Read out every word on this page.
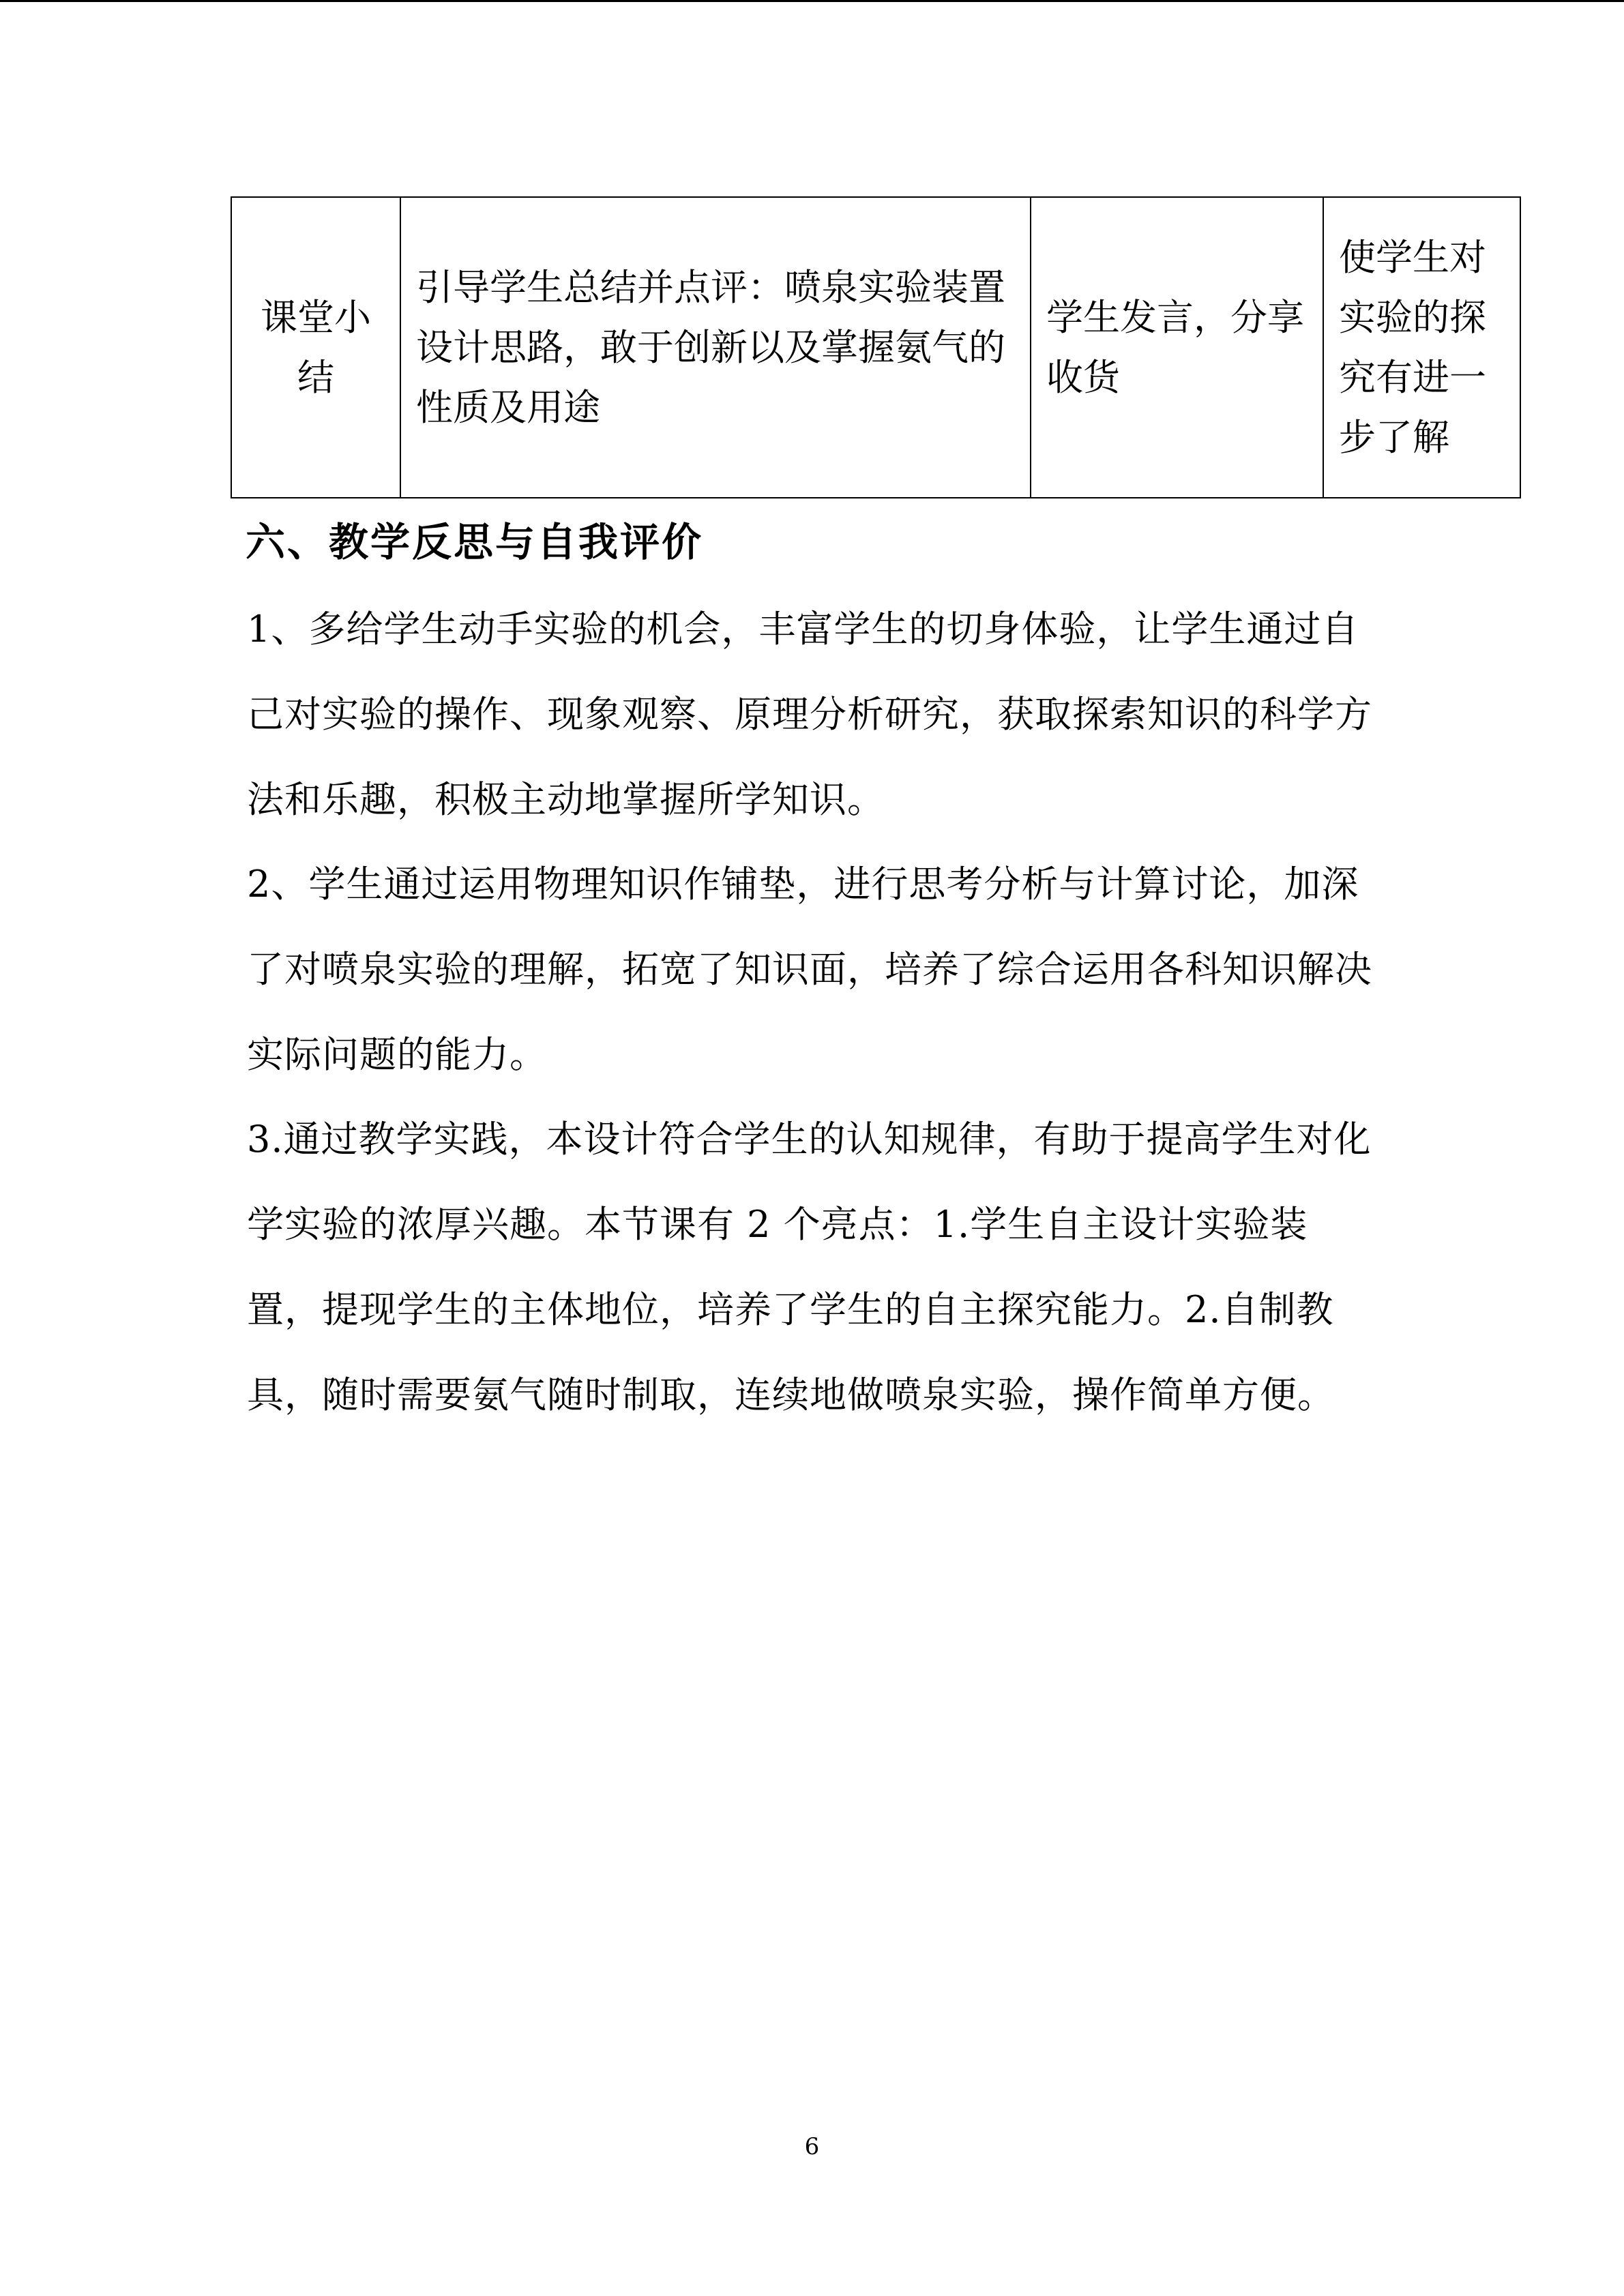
课堂小结	引导学生总结并点评：喷泉实验装置设计思路，敢于创新以及掌握氨气的性质及用途	学生发言，分享收货	使学生对实验的探究有进一步了解
六、教学反思与自我评价

1、多给学生动手实验的机会，丰富学生的切身体验，让学生通过自己对实验的操作、现象观察、原理分析研究，获取探索知识的科学方法和乐趣，积极主动地掌握所学知识。

2、学生通过运用物理知识作铺垫，进行思考分析与计算讨论，加深了对喷泉实验的理解，拓宽了知识面，培养了综合运用各科知识解决实际问题的能力。

3.通过教学实践，本设计符合学生的认知规律，有助于提高学生对化学实验的浓厚兴趣。本节课有 2 个亮点：1.学生自主设计实验装置，提现学生的主体地位，培养了学生的自主探究能力。2.自制教具，随时需要氨气随时制取，连续地做喷泉实验，操作简单方便。

6
